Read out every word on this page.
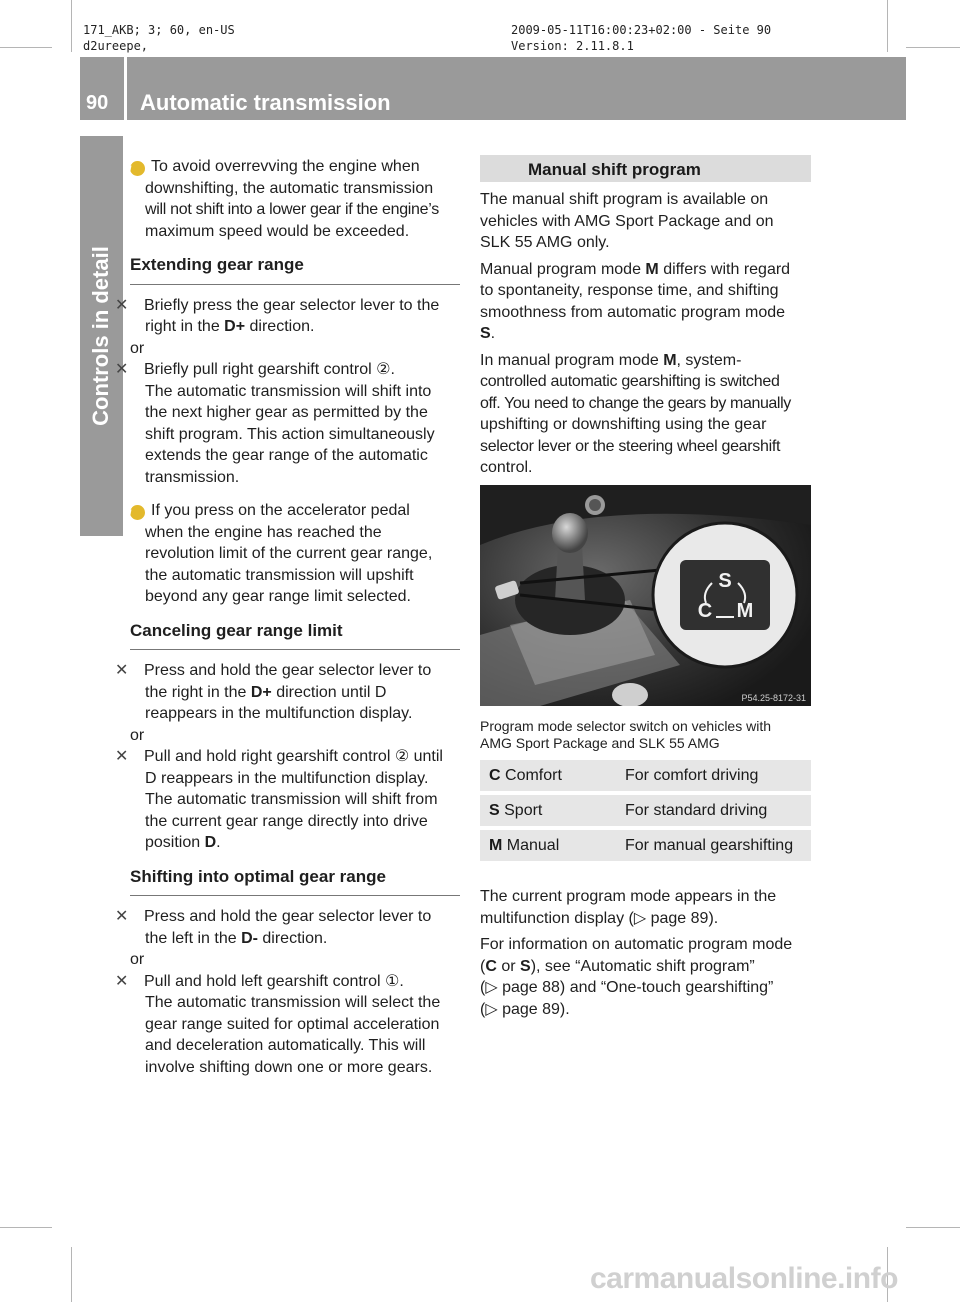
171_AKB; 3; 60, en-US
d2ureepe,
2009-05-11T16:00:23+02:00 - Seite 90
Version: 2.11.8.1
90 Automatic transmission
Controls in detail

i To avoid overrevving the engine when
downshifting, the automatic transmission
will not shift into a lower gear if the engine’s
maximum speed would be exceeded.

Extending gear range

✕ Briefly press the gear selector lever to the
right in the D+ direction.

or

✕ Briefly pull right gearshift control ②.
The automatic transmission will shift into
the next higher gear as permitted by the
shift program. This action simultaneously
extends the gear range of the automatic
transmission.

i If you press on the accelerator pedal
when the engine has reached the
revolution limit of the current gear range,
the automatic transmission will upshift
beyond any gear range limit selected.

Canceling gear range limit

✕ Press and hold the gear selector lever to
the right in the D+ direction until D
reappears in the multifunction display.

or

✕ Pull and hold right gearshift control ② until
D reappears in the multifunction display.
The automatic transmission will shift from
the current gear range directly into drive
position D.

Shifting into optimal gear range

✕ Press and hold the gear selector lever to
the left in the D- direction.

or

✕ Pull and hold left gearshift control ①.
The automatic transmission will select the
gear range suited for optimal acceleration
and deceleration automatically. This will
involve shifting down one or more gears.

Manual shift program

The manual shift program is available on
vehicles with AMG Sport Package and on
SLK 55 AMG only.

Manual program mode M differs with regard
to spontaneity, response time, and shifting
smoothness from automatic program mode
S.

In manual program mode M, system-
controlled automatic gearshifting is switched
off. You need to change the gears by manually
upshifting or downshifting using the gear
selector lever or the steering wheel gearshift
control.

S
C M
P54.25-8172-31
Program mode selector switch on vehicles with
AMG Sport Package and SLK 55 AMG
C Comfort	For comfort driving
S Sport	For standard driving
M Manual	For manual gearshifting

The current program mode appears in the
multifunction display (▷ page 89).

For information on automatic program mode
(C or S), see “Automatic shift program”
(▷ page 88) and “One-touch gearshifting”
(▷ page 89).

carmanualsonline.info
